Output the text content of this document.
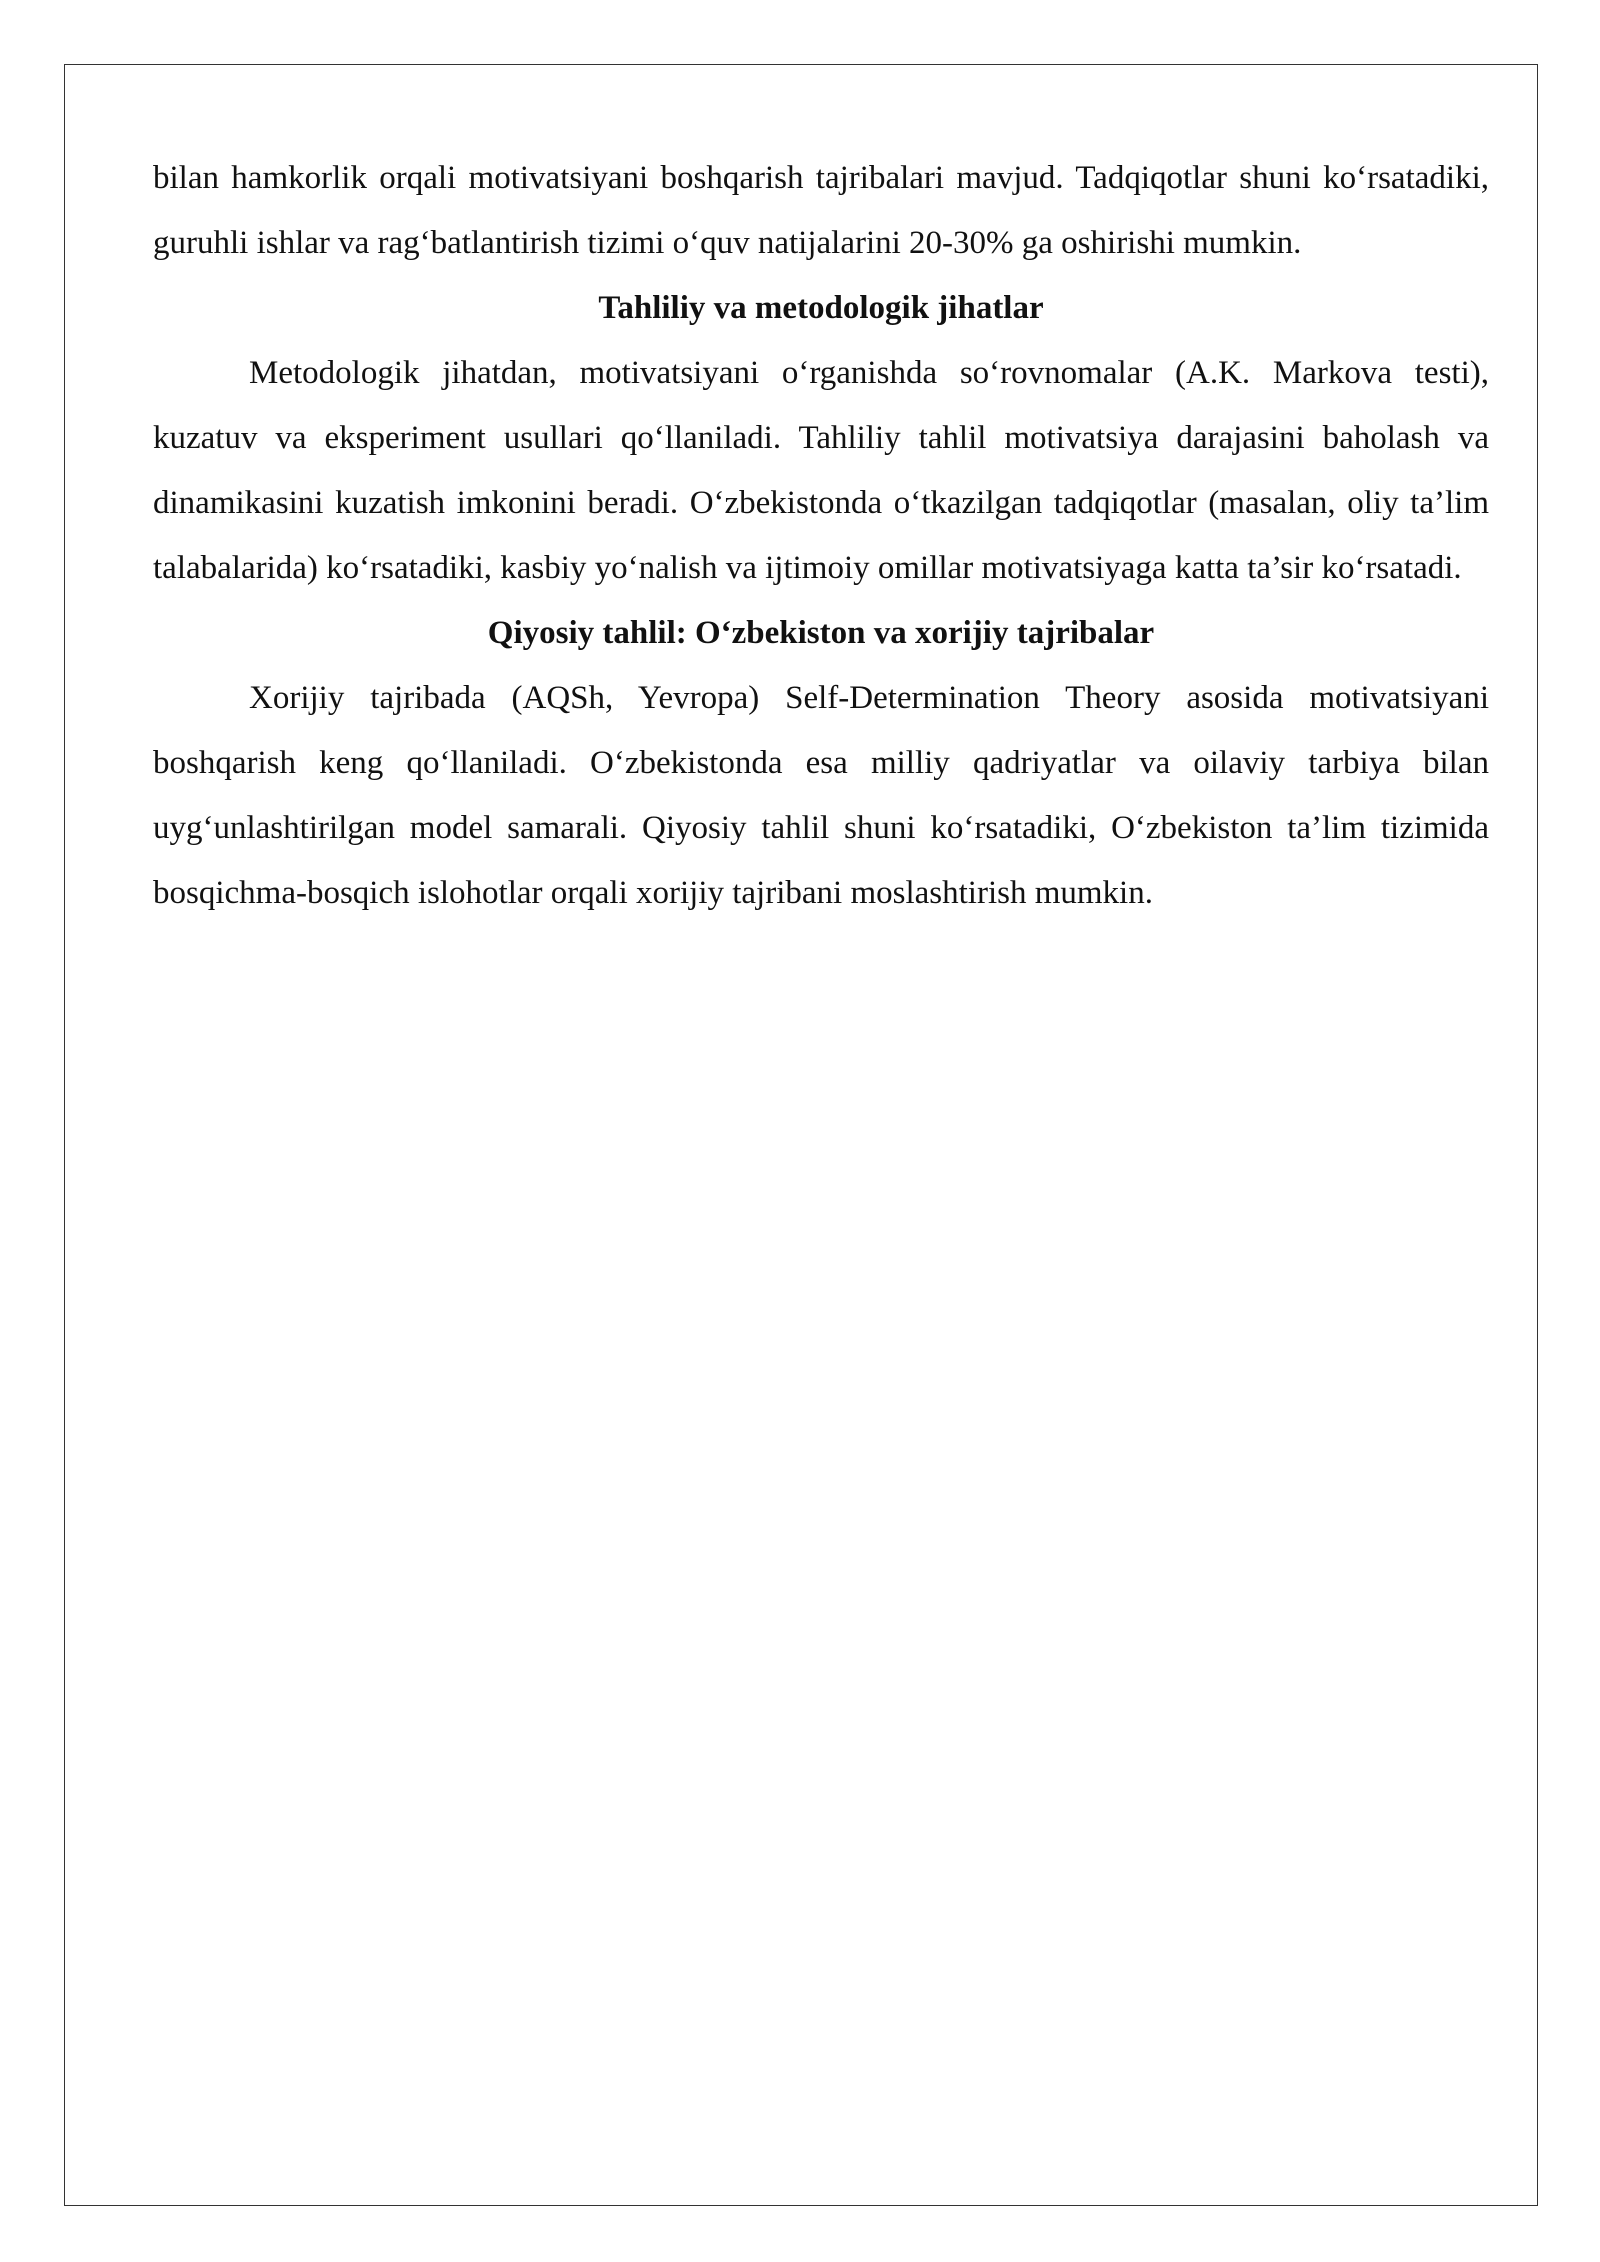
bilan hamkorlik orqali motivatsiyani boshqarish tajribalari mavjud. Tadqiqotlar shuni ko‘rsatadiki, guruhli ishlar va rag‘batlantirish tizimi o‘quv natijalarini 20-30% ga oshirishi mumkin.

Tahliliy va metodologik jihatlar

Metodologik jihatdan, motivatsiyani o‘rganishda so‘rovnomalar (A.K. Markova testi), kuzatuv va eksperiment usullari qo‘llaniladi. Tahliliy tahlil motivatsiya darajasini baholash va dinamikasini kuzatish imkonini beradi. O‘zbekistonda o‘tkazilgan tadqiqotlar (masalan, oliy ta’lim talabalarida) ko‘rsatadiki, kasbiy yo‘nalish va ijtimoiy omillar motivatsiyaga katta ta’sir ko‘rsatadi.

Qiyosiy tahlil: O‘zbekiston va xorijiy tajribalar

Xorijiy tajribada (AQSh, Yevropa) Self-Determination Theory asosida motivatsiyani boshqarish keng qo‘llaniladi. O‘zbekistonda esa milliy qadriyatlar va oilaviy tarbiya bilan uyg‘unlashtirilgan model samarali. Qiyosiy tahlil shuni ko‘rsatadiki, O‘zbekiston ta’lim tizimida bosqichma-bosqich islohotlar orqali xorijiy tajribani moslashtirish mumkin.
